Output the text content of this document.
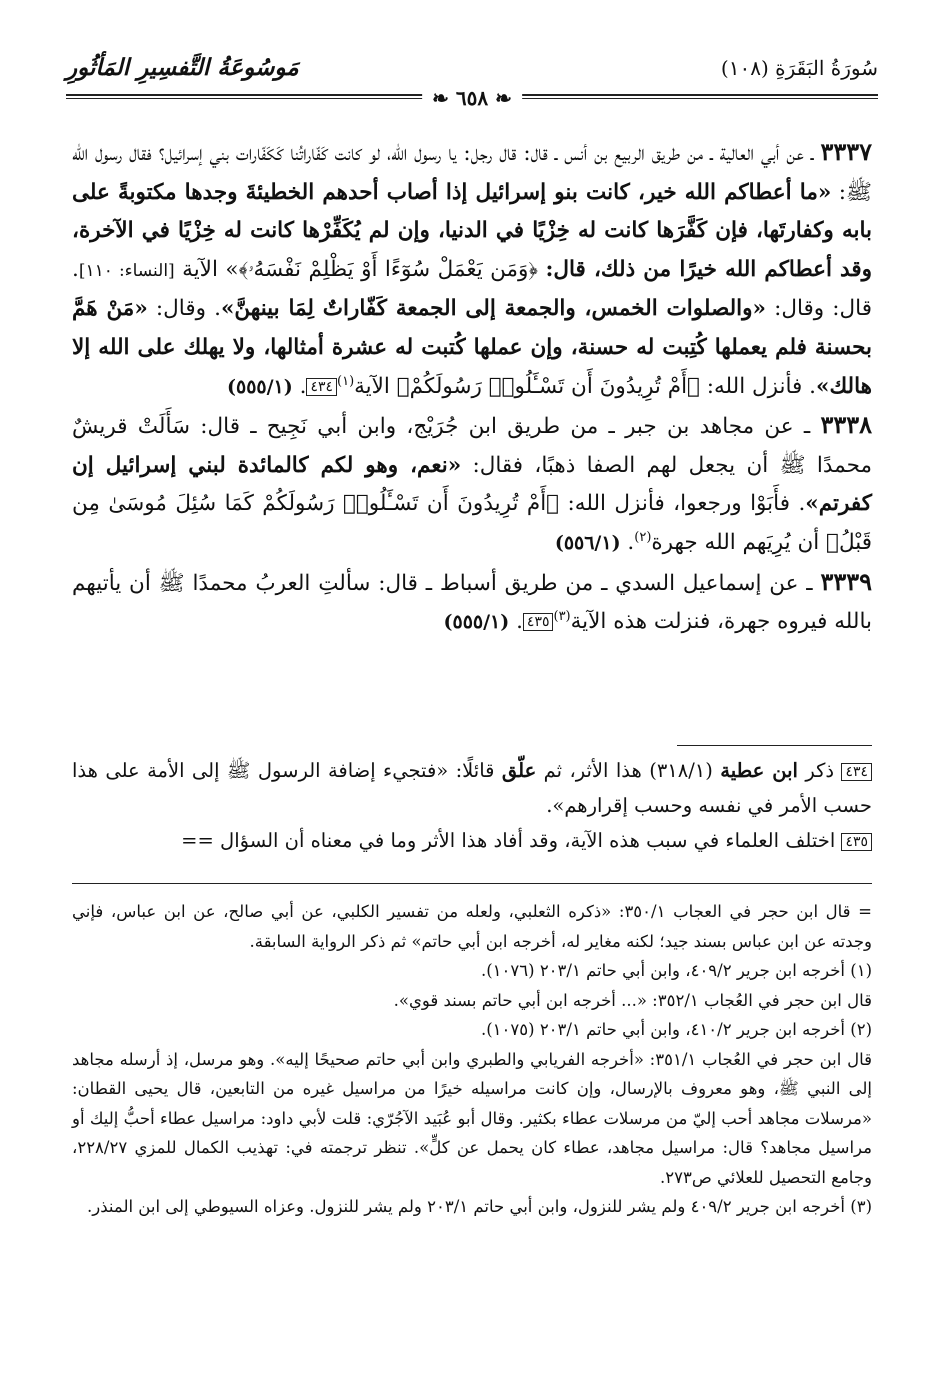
مَوسُوعَةُ التَّفسِيرِ المَأثُورِ	سُورَةُ البَقَرَةِ (١٠٨)
❧ ٦٥٨ ❧

٣٣٣٧ ـ عن أبي العالية ـ من طريق الربيع بن أنس ـ قال: قال رجل: يا رسول الله، لو كانت كَفّاراتُنا كَكَفّارات بني إسرائيل؟ فقال رسول الله ﷺ: «ما أعطاكم الله خير، كانت بنو إسرائيل إذا أصاب أحدهم الخطيئةَ وجدها مكتوبةً على بابه وكفارتَها، فإن كَفَّرَها كانت له خِزْيًا في الدنيا، وإن لم يُكَفِّرْها كانت له خِزْيًا في الآخرة، وقد أعطاكم الله خيرًا من ذلك، قال: ﴿وَمَن يَعْمَلْ سُوٓءًا أَوْ يَظْلِمْ نَفْسَهُۥ﴾» الآية [النساء: ١١٠]. قال: وقال: «والصلوات الخمس، والجمعة إلى الجمعة كَفّاراتٌ لِمَا بينهنَّ». وقال: «مَنْ هَمَّ بحسنة فلم يعملها كُتِبت له حسنة، وإن عملها كُتبت له عشرة أمثالها، ولا يهلك على الله إلا هالك». فأنزل الله: ﴿أَمْ تُرِيدُونَ أَن تَسْـَٔلُوا۟ رَسُولَكُمْ﴾ الآية$^{(١)}$٤٣٤. (٥٥٥/١)

٣٣٣٨ ـ عن مجاهد بن جبر ـ من طريق ابن جُرَيْج، وابن أبي نَجِيح ـ قال: سَأَلَتْ قريشٌ محمدًا ﷺ أن يجعل لهم الصفا ذهبًا، فقال: «نعم، وهو لكم كالمائدة لبني إسرائيل إن كفرتم». فأَبَوْا ورجعوا، فأنزل الله: ﴿أَمْ تُرِيدُونَ أَن تَسْـَٔلُوا۟ رَسُولَكُمْ كَمَا سُئِلَ مُوسَىٰ مِن قَبْلُ﴾ أن يُرِيَهم الله جهرة$^{(٢)}$. (٥٥٦/١)

٣٣٣٩ ـ عن إسماعيل السدي ـ من طريق أسباط ـ قال: سألتِ العربُ محمدًا ﷺ أن يأتيهم بالله فيروه جهرة، فنزلت هذه الآية$^{(٣)}$٤٣٥. (٥٥٥/١)

٤٣٤ ذكر ابن عطية (٣١٨/١) هذا الأثر، ثم علّق قائلًا: «فتجيء إضافة الرسول ﷺ إلى الأمة على هذا حسب الأمر في نفسه وحسب إقرارهم».

٤٣٥ اختلف العلماء في سبب هذه الآية، وقد أفاد هذا الأثر وما في معناه أن السؤال ==

= قال ابن حجر في العجاب ٣٥٠/١: «ذكره الثعلبي، ولعله من تفسير الكلبي، عن أبي صالح، عن ابن عباس، فإني وجدته عن ابن عباس بسند جيد؛ لكنه مغاير له، أخرجه ابن أبي حاتم» ثم ذكر الرواية السابقة.

(١) أخرجه ابن جرير ٤٠٩/٢، وابن أبي حاتم ٢٠٣/١ (١٠٧٦).

قال ابن حجر في العُجاب ٣٥٢/١: «... أخرجه ابن أبي حاتم بسند قوي».

(٢) أخرجه ابن جرير ٤١٠/٢، وابن أبي حاتم ٢٠٣/١ (١٠٧٥).

قال ابن حجر في العُجاب ٣٥١/١: «أخرجه الفريابي والطبري وابن أبي حاتم صحيحًا إليه». وهو مرسل، إذ أرسله مجاهد إلى النبي ﷺ، وهو معروف بالإرسال، وإن كانت مراسيله خيرًا من مراسيل غيره من التابعين، قال يحيى القطان: «مرسلات مجاهد أحب إليّ من مرسلات عطاء بكثير. وقال أبو عُبَيد الآجُرّي: قلت لأبي داود: مراسيل عطاء أحبُّ إليك أو مراسيل مجاهد؟ قال: مراسيل مجاهد، عطاء كان يحمل عن كلٍّ». تنظر ترجمته في: تهذيب الكمال للمزي ٢٢٨/٢٧، وجامع التحصيل للعلائي ص٢٧٣.

(٣) أخرجه ابن جرير ٤٠٩/٢ ولم يشر للنزول، وابن أبي حاتم ٢٠٣/١ ولم يشر للنزول. وعزاه السيوطي إلى ابن المنذر.
